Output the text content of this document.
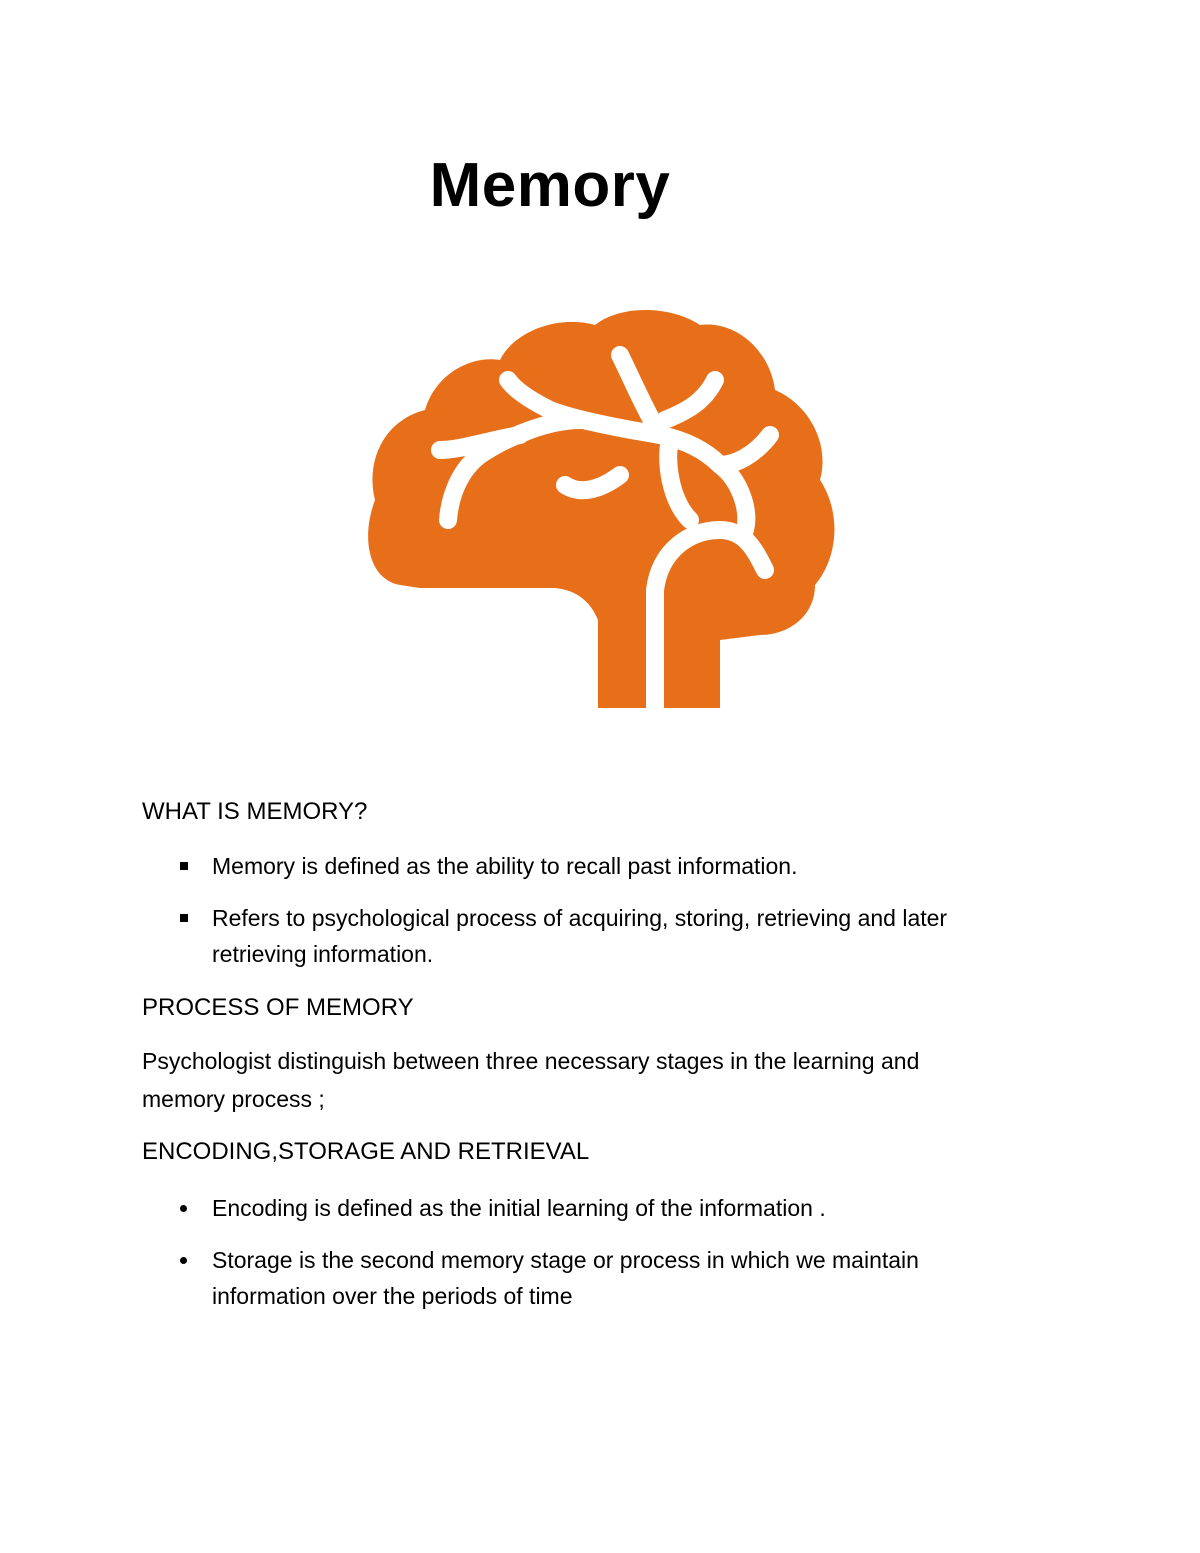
Memory
WHAT IS MEMORY?
Memory is defined as the ability to recall past information.
Refers to psychological process of acquiring, storing, retrieving and later retrieving information.
PROCESS OF MEMORY
Psychologist distinguish between three necessary stages in the learning and memory process ;
ENCODING,STORAGE AND RETRIEVAL
Encoding is defined as the initial learning of the information .
Storage is the second memory stage or process in which we maintain information over the periods of time
